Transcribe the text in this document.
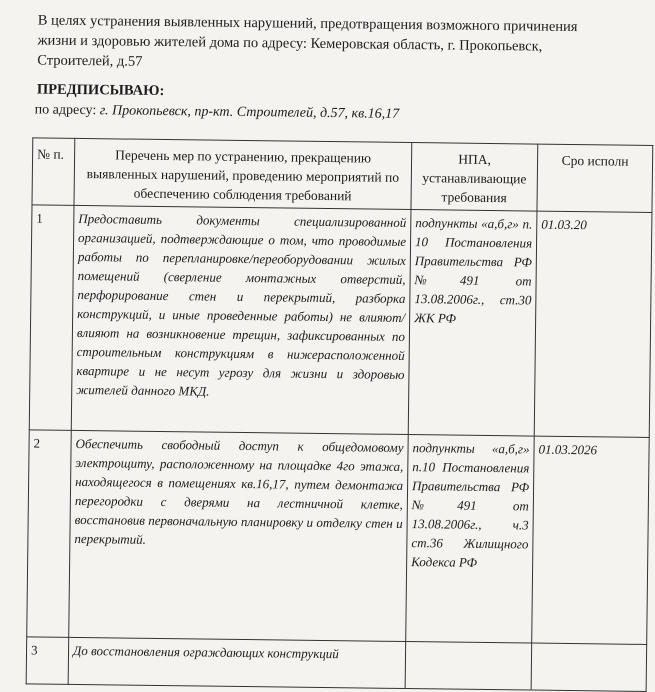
В целях устранения выявленных нарушений, предотвращения возможного причинения
жизни и здоровью жителей дома по адресу: Кемеровская область, г. Прокопьевск,
Строителей, д.57
ПРЕДПИСЫВАЮ:
по адресу: г. Прокопьевск, пр-кт. Строителей, д.57, кв.16,17
№ п.	Перечень мер по устранению, прекращению выявленных нарушений, проведению мероприятий по обеспечению соблюдения требований	НПА, устанавливающие требования	Сро исполн
1	Предоставить документы специализированной организацией, подтверждающие о том, что проводимые работы по перепланировке/переоборудовании жилых помещений (сверление монтажных отверстий, перфорирование стен и перекрытий, разборка конструкций, и иные проведенные работы) не влияют/влияют на возникновение трещин, зафиксированных по строительным конструкциям в нижерасположенной квартире и не несут угрозу для жизни и здоровью жителей данного МКД.	подпункты «а,б,г» п. 10 Постановления Правительства РФ №491 от 13.08.2006г., ст.30 ЖК РФ	01.03.20
2	Обеспечить свободный доступ к общедомовому электрощиту, расположенному на площадке 4го этажа, находящегося в помещениях кв.16,17, путем демонтажа перегородки с дверями на лестничной клетке, восстановив первоначальную планировку и отделку стен и перекрытий.	подпункты «а,б,г» п.10 Постановления Правительства РФ №491 от 13.08.2006г., ч.3 ст.36 Жилищного Кодекса РФ	01.03.2026
3	До восстановления ограждающих конструкций		
